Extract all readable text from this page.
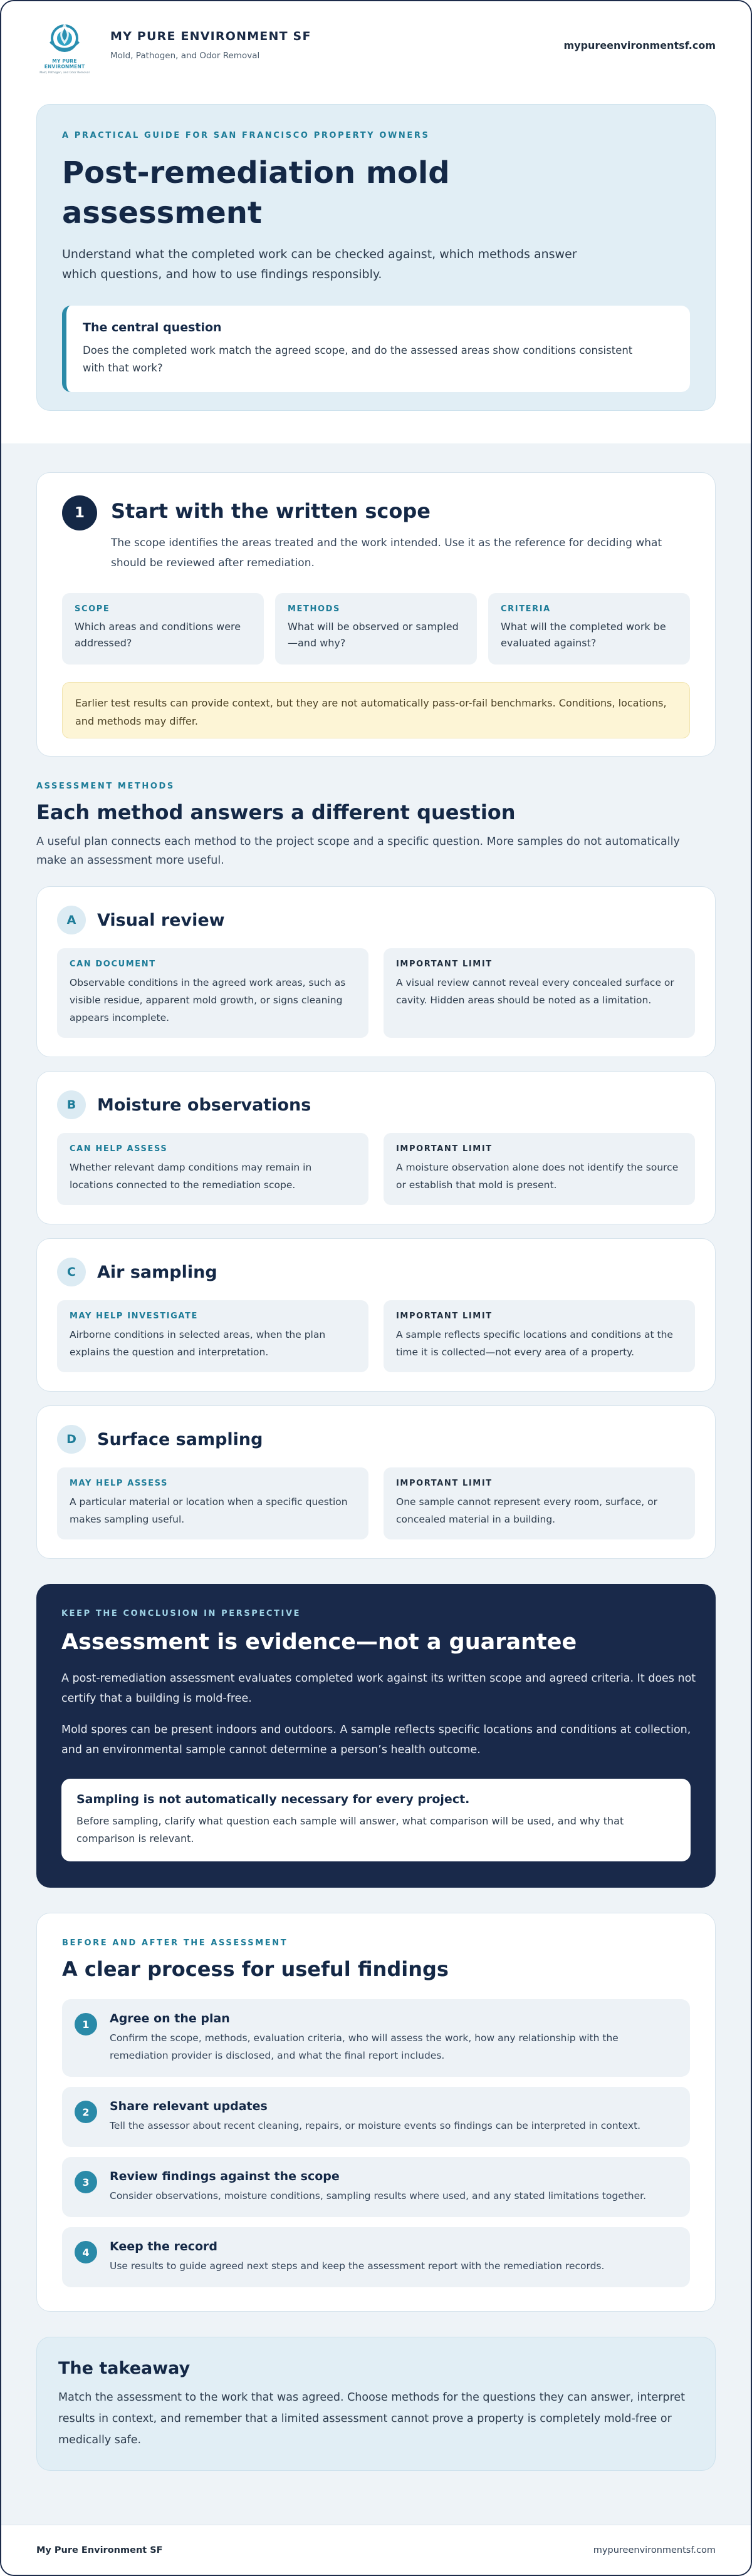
MY PURE ENVIRONMENT
Mold, Pathogen, and Odor Removal
MY PURE ENVIRONMENT SF
Mold, Pathogen, and Odor Removal
mypureenvironmentsf.com
A PRACTICAL GUIDE FOR SAN FRANCISCO PROPERTY OWNERS
Post-remediation mold assessment

Understand what the completed work can be checked against, which methods answer which questions, and how to use findings responsibly.

The central question
Does the completed work match the agreed scope, and do the assessed areas show conditions consistent with that work?
1	Start with the written scope

The scope identifies the areas treated and the work intended. Use it as the reference for deciding what should be reviewed after remediation.

SCOPE
Which areas and conditions were addressed?
METHODS
What will be observed or sampled—and why?
CRITERIA
What will the completed work be evaluated against?
Earlier test results can provide context, but they are not automatically pass-or-fail benchmarks. Conditions, locations, and methods may differ.
ASSESSMENT METHODS
Each method answers a different question

A useful plan connects each method to the project scope and a specific question. More samples do not automatically make an assessment more useful.

A	Visual review
CAN DOCUMENT
Observable conditions in the agreed work areas, such as visible residue, apparent mold growth, or signs cleaning appears incomplete.
IMPORTANT LIMIT
A visual review cannot reveal every concealed surface or cavity. Hidden areas should be noted as a limitation.
B	Moisture observations
CAN HELP ASSESS
Whether relevant damp conditions may remain in locations connected to the remediation scope.
IMPORTANT LIMIT
A moisture observation alone does not identify the source or establish that mold is present.
C	Air sampling
MAY HELP INVESTIGATE
Airborne conditions in selected areas, when the plan explains the question and interpretation.
IMPORTANT LIMIT
A sample reflects specific locations and conditions at the time it is collected—not every area of a property.
D	Surface sampling
MAY HELP ASSESS
A particular material or location when a specific question makes sampling useful.
IMPORTANT LIMIT
One sample cannot represent every room, surface, or concealed material in a building.
KEEP THE CONCLUSION IN PERSPECTIVE
Assessment is evidence—not a guarantee

A post-remediation assessment evaluates completed work against its written scope and agreed criteria. It does not certify that a building is mold-free.

Mold spores can be present indoors and outdoors. A sample reflects specific locations and conditions at collection, and an environmental sample cannot determine a person’s health outcome.

Sampling is not automatically necessary for every project.
Before sampling, clarify what question each sample will answer, what comparison will be used, and why that comparison is relevant.
BEFORE AND AFTER THE ASSESSMENT
A clear process for useful findings
1	Agree on the plan
Confirm the scope, methods, evaluation criteria, who will assess the work, how any relationship with the remediation provider is disclosed, and what the final report includes.
2	Share relevant updates
Tell the assessor about recent cleaning, repairs, or moisture events so findings can be interpreted in context.
3	Review findings against the scope
Consider observations, moisture conditions, sampling results where used, and any stated limitations together.
4	Keep the record
Use results to guide agreed next steps and keep the assessment report with the remediation records.
The takeaway

Match the assessment to the work that was agreed. Choose methods for the questions they can answer, interpret results in context, and remember that a limited assessment cannot prove a property is completely mold-free or medically safe.

My Pure Environment SF	mypureenvironmentsf.com
